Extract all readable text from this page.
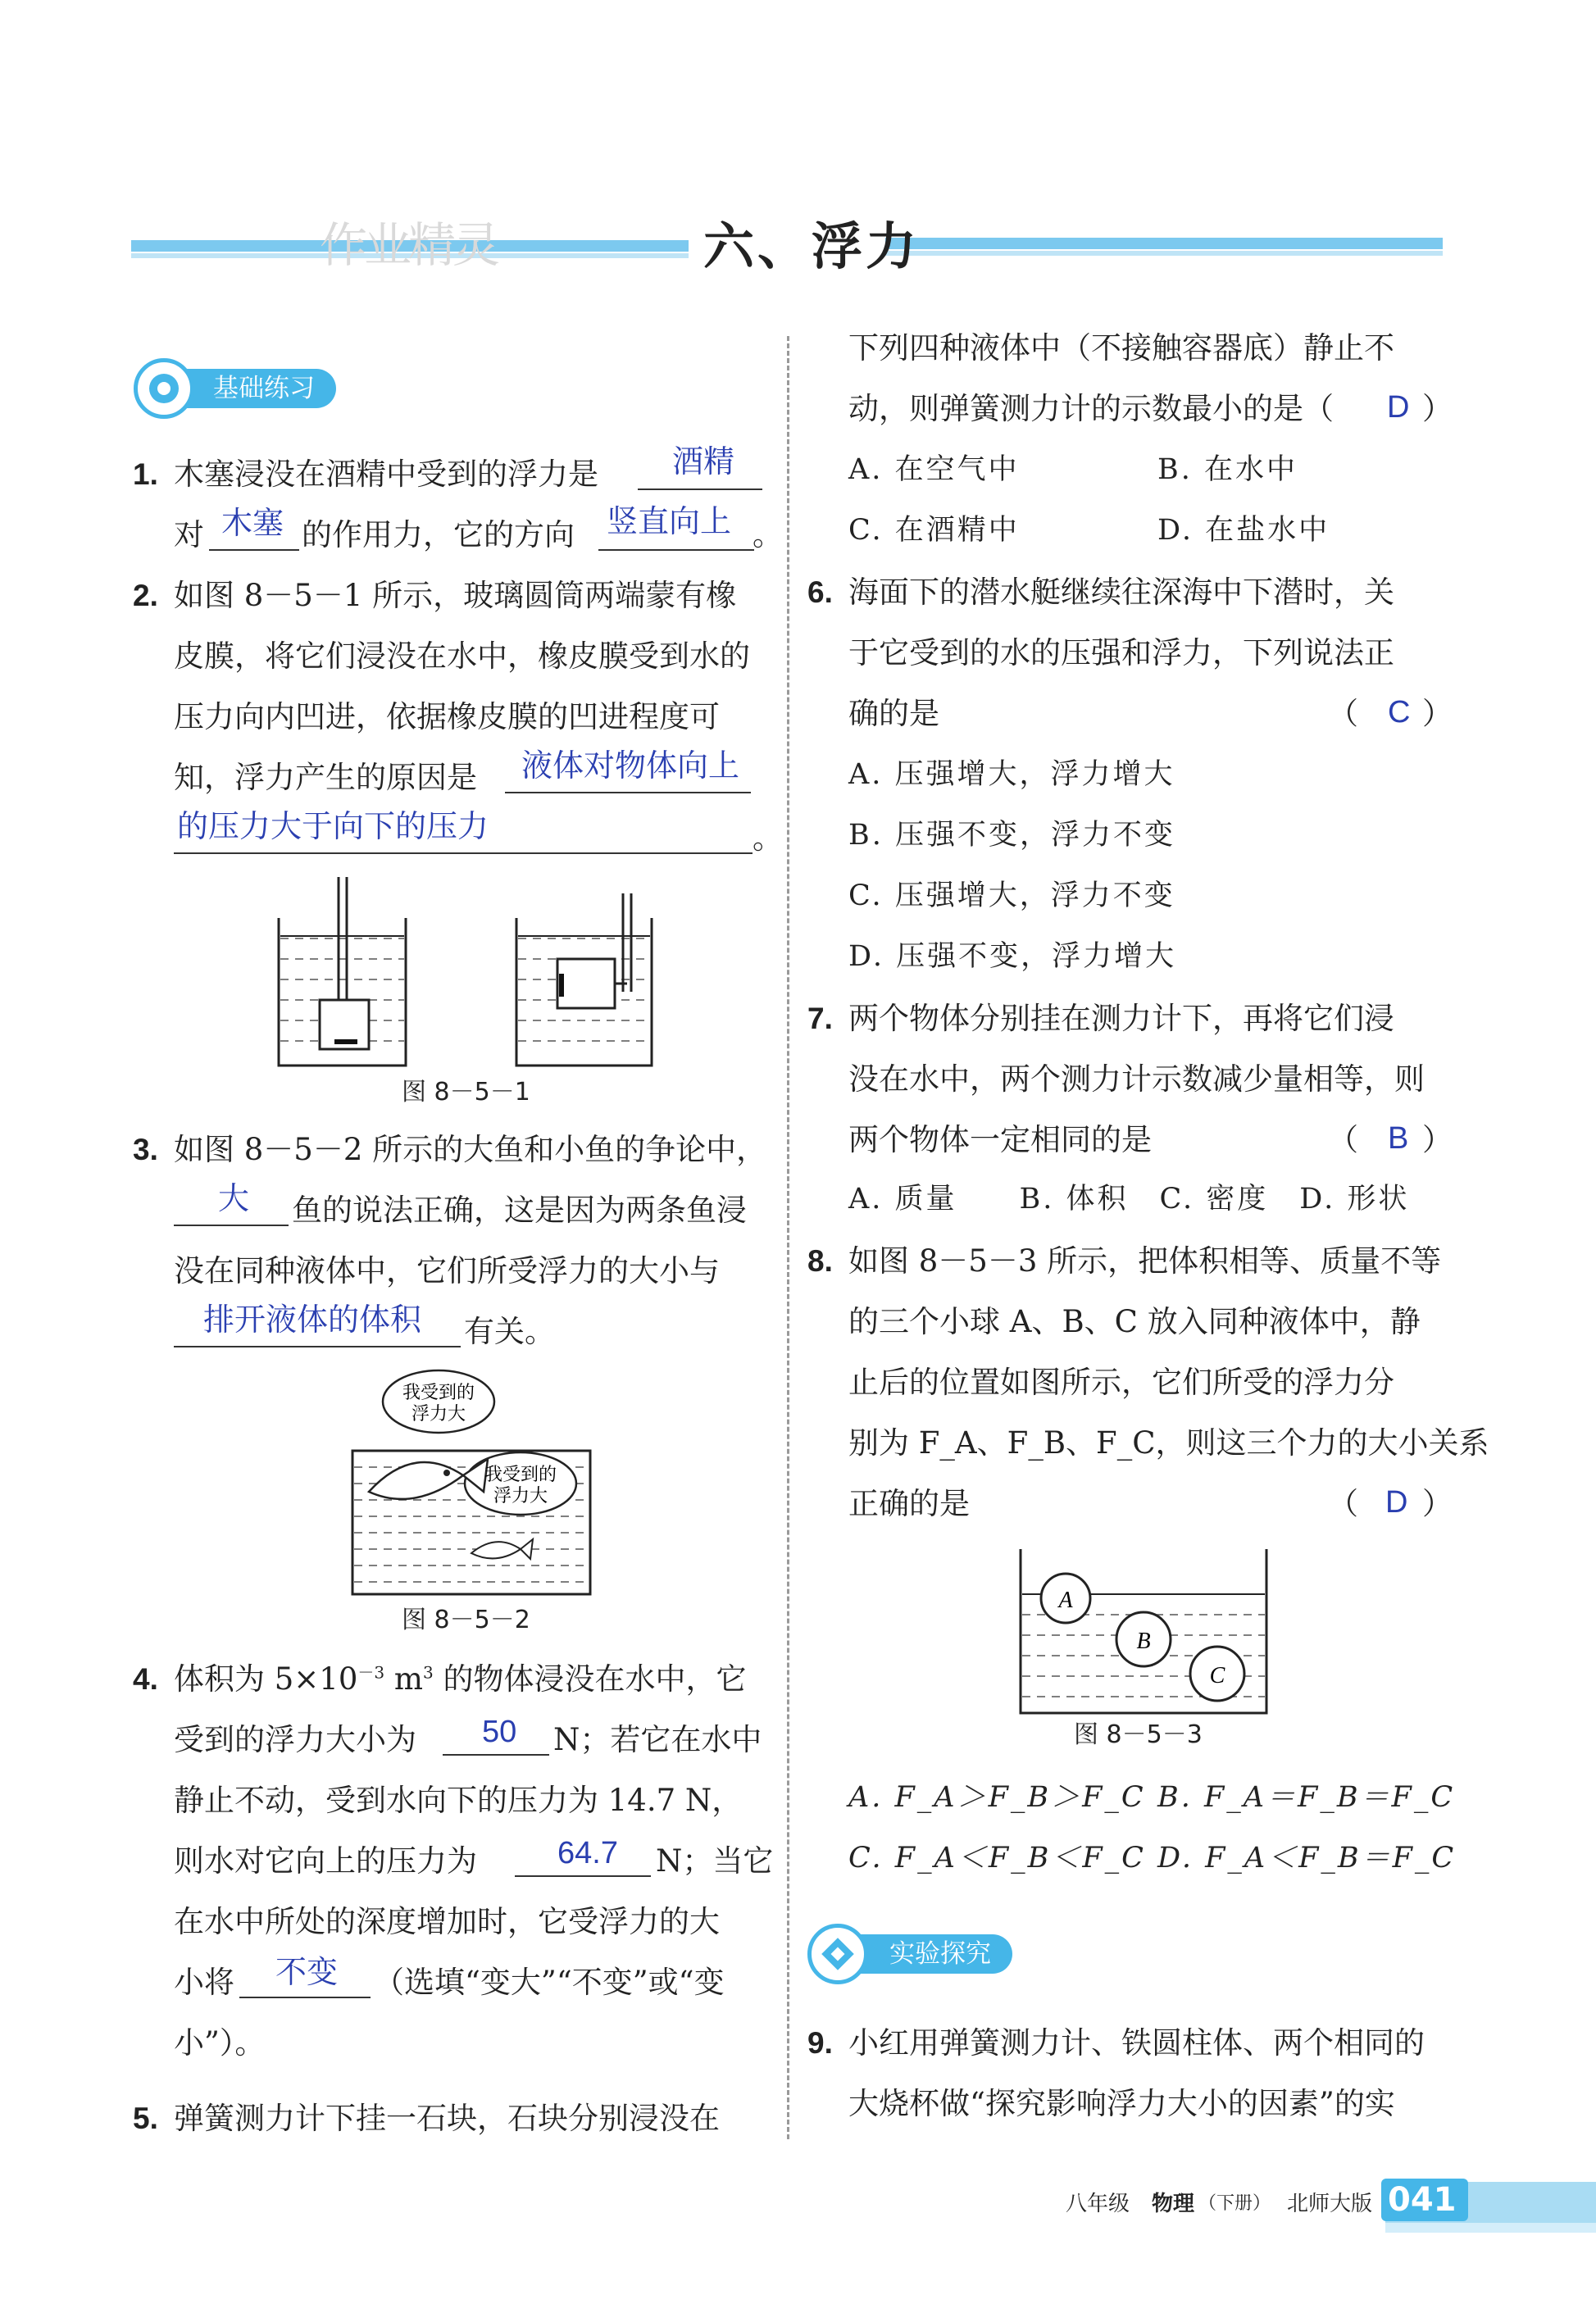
作业精灵	六、浮力
基础练习
1. 木塞浸没在酒精中受到的浮力是 酒精
对 木塞 的作用力，它的方向 竖直向上 。
2. 如图 8－5－1 所示，玻璃圆筒两端蒙有橡
皮膜，将它们浸没在水中，橡皮膜受到水的
压力向内凹进，依据橡皮膜的凹进程度可
知，浮力产生的原因是 液体对物体向上
的压力大于向下的压力	。
图 8－5－1
3. 如图 8－5－2 所示的大鱼和小鱼的争论中，
大 鱼的说法正确，这是因为两条鱼浸
没在同种液体中，它们所受浮力的大小与
排开液体的体积 有关。
我受到的
浮力大
我受到的
浮力大
图 8－5－2
4. 体积为 $5\times 10^{-3}$ $m^3$ 的物体浸没在水中，它
受到的浮力大小为 50 N；若它在水中
静止不动，受到水向下的压力为 14.7 N，
则水对它向上的压力为	64.7 N；当它
在水中所处的深度增加时，它受浮力的大
小将 不变 （选填“变大”“不变”或“变
小”）。
5. 弹簧测力计下挂一石块，石块分别浸没在
下列四种液体中（不接触容器底）静止不
动，则弹簧测力计的示数最小的是（ D ）
A. 在空气中	B. 在水中
C. 在酒精中	D. 在盐水中
6. 海面下的潜水艇继续往深海中下潜时，关
于它受到的水的压强和浮力，下列说法正
确的是	（ C ）
A. 压强增大，浮力增大
B. 压强不变，浮力不变
C. 压强增大，浮力不变
D. 压强不变，浮力增大
7. 两个物体分别挂在测力计下，再将它们浸
没在水中，两个测力计示数减少量相等，则
两个物体一定相同的是	（ B ）
A. 质量　　B. 体积　C. 密度　D. 形状
8. 如图 8－5－3 所示，把体积相等、质量不等
的三个小球 A、B、C 放入同种液体中，静
止后的位置如图所示，它们所受的浮力分
别为 F_A、F_B、F_C，则这三个力的大小关系
正确的是	（ D ）
A
B
C
图 8－5－3
A. F_A＞F_B＞F_C B. F_A＝F_B＝F_C
C. F_A＜F_B＜F_C D. F_A＜F_B＝F_C
实验探究
9. 小红用弹簧测力计、铁圆柱体、两个相同的
大烧杯做“探究影响浮力大小的因素”的实
八年级 物理 （下册） 北师大版 041
